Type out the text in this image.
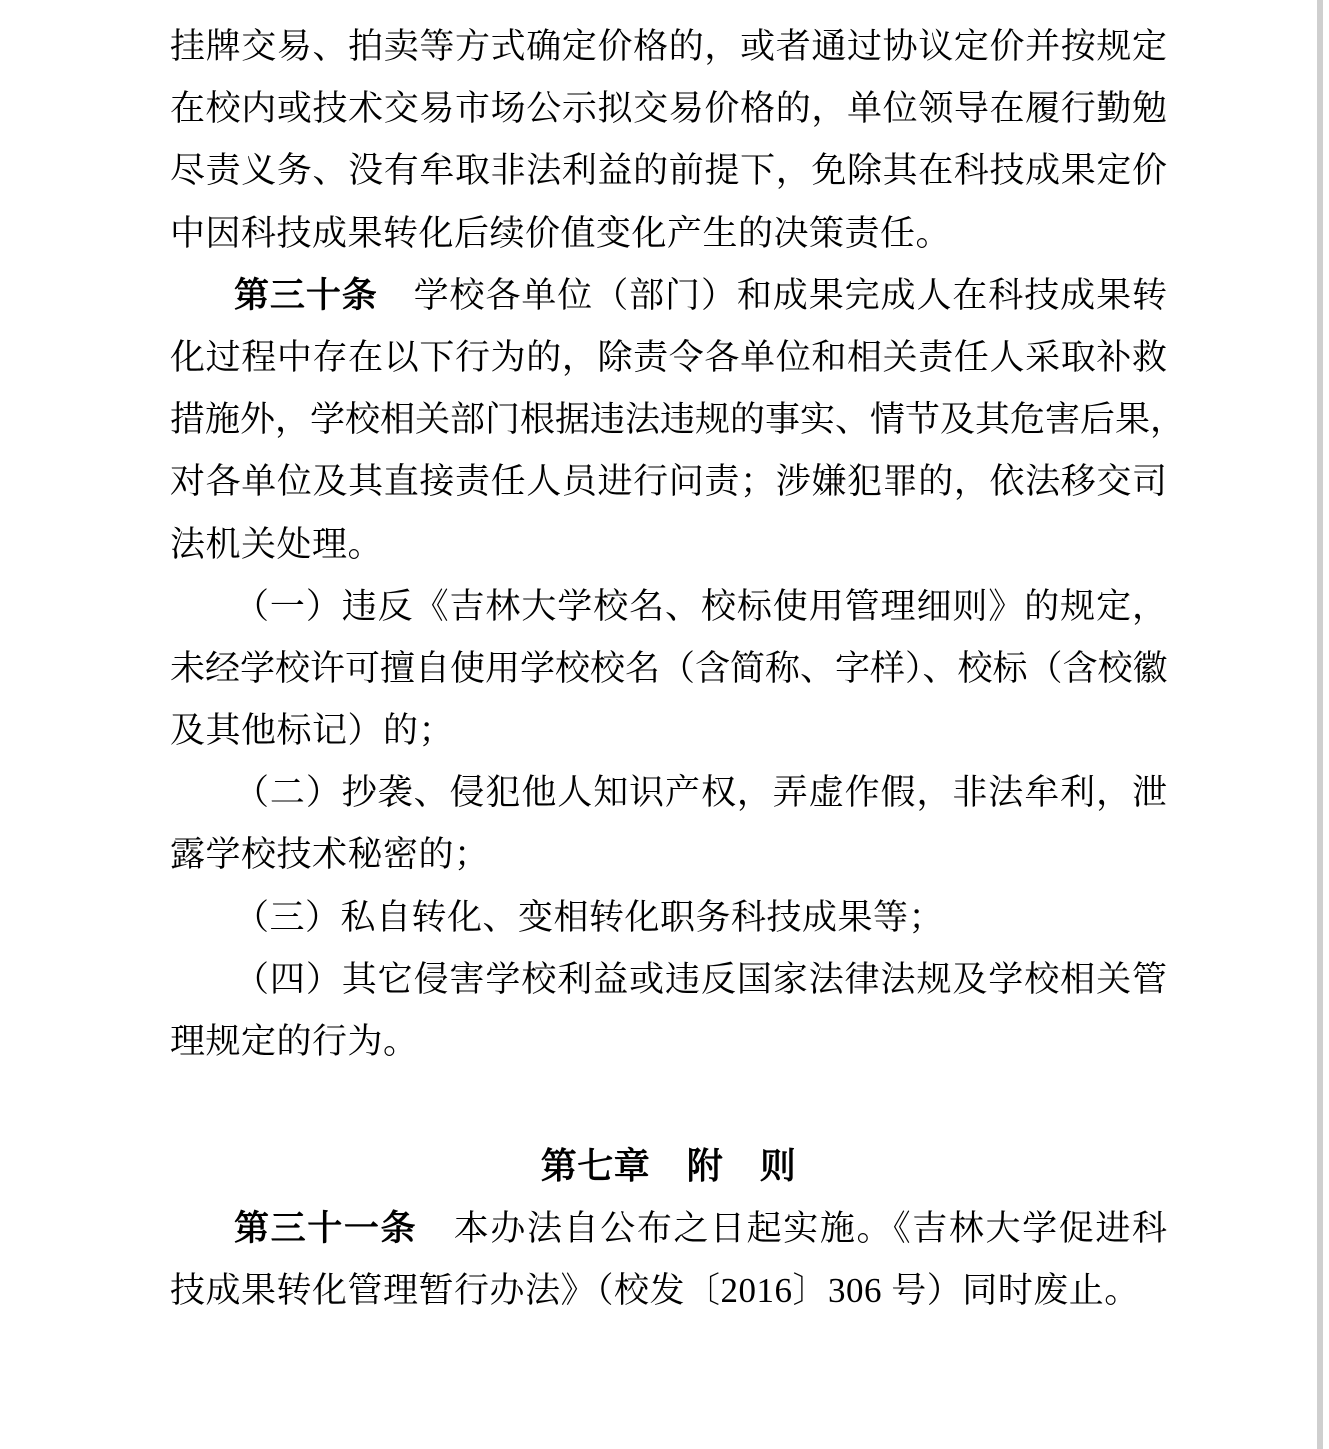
挂牌交易、拍卖等方式确定价格的，或者通过协议定价并按规定
在校内或技术交易市场公示拟交易价格的，单位领导在履行勤勉
尽责义务、没有牟取非法利益的前提下，免除其在科技成果定价
中因科技成果转化后续价值变化产生的决策责任。
第三十条　学校各单位（部门）和成果完成人在科技成果转
化过程中存在以下行为的，除责令各单位和相关责任人采取补救
措施外，学校相关部门根据违法违规的事实、情节及其危害后果，
对各单位及其直接责任人员进行问责；涉嫌犯罪的，依法移交司
法机关处理。
（一）违反《吉林大学校名、校标使用管理细则》的规定，
未经学校许可擅自使用学校校名（含简称、字样）、校标（含校徽
及其他标记）的；
（二）抄袭、侵犯他人知识产权，弄虚作假，非法牟利，泄
露学校技术秘密的；
（三）私自转化、变相转化职务科技成果等；
（四）其它侵害学校利益或违反国家法律法规及学校相关管
理规定的行为。
第七章　附　则
第三十一条　本办法自公布之日起实施。《吉林大学促进科
技成果转化管理暂行办法》（校发〔2016〕306 号）同时废止。
